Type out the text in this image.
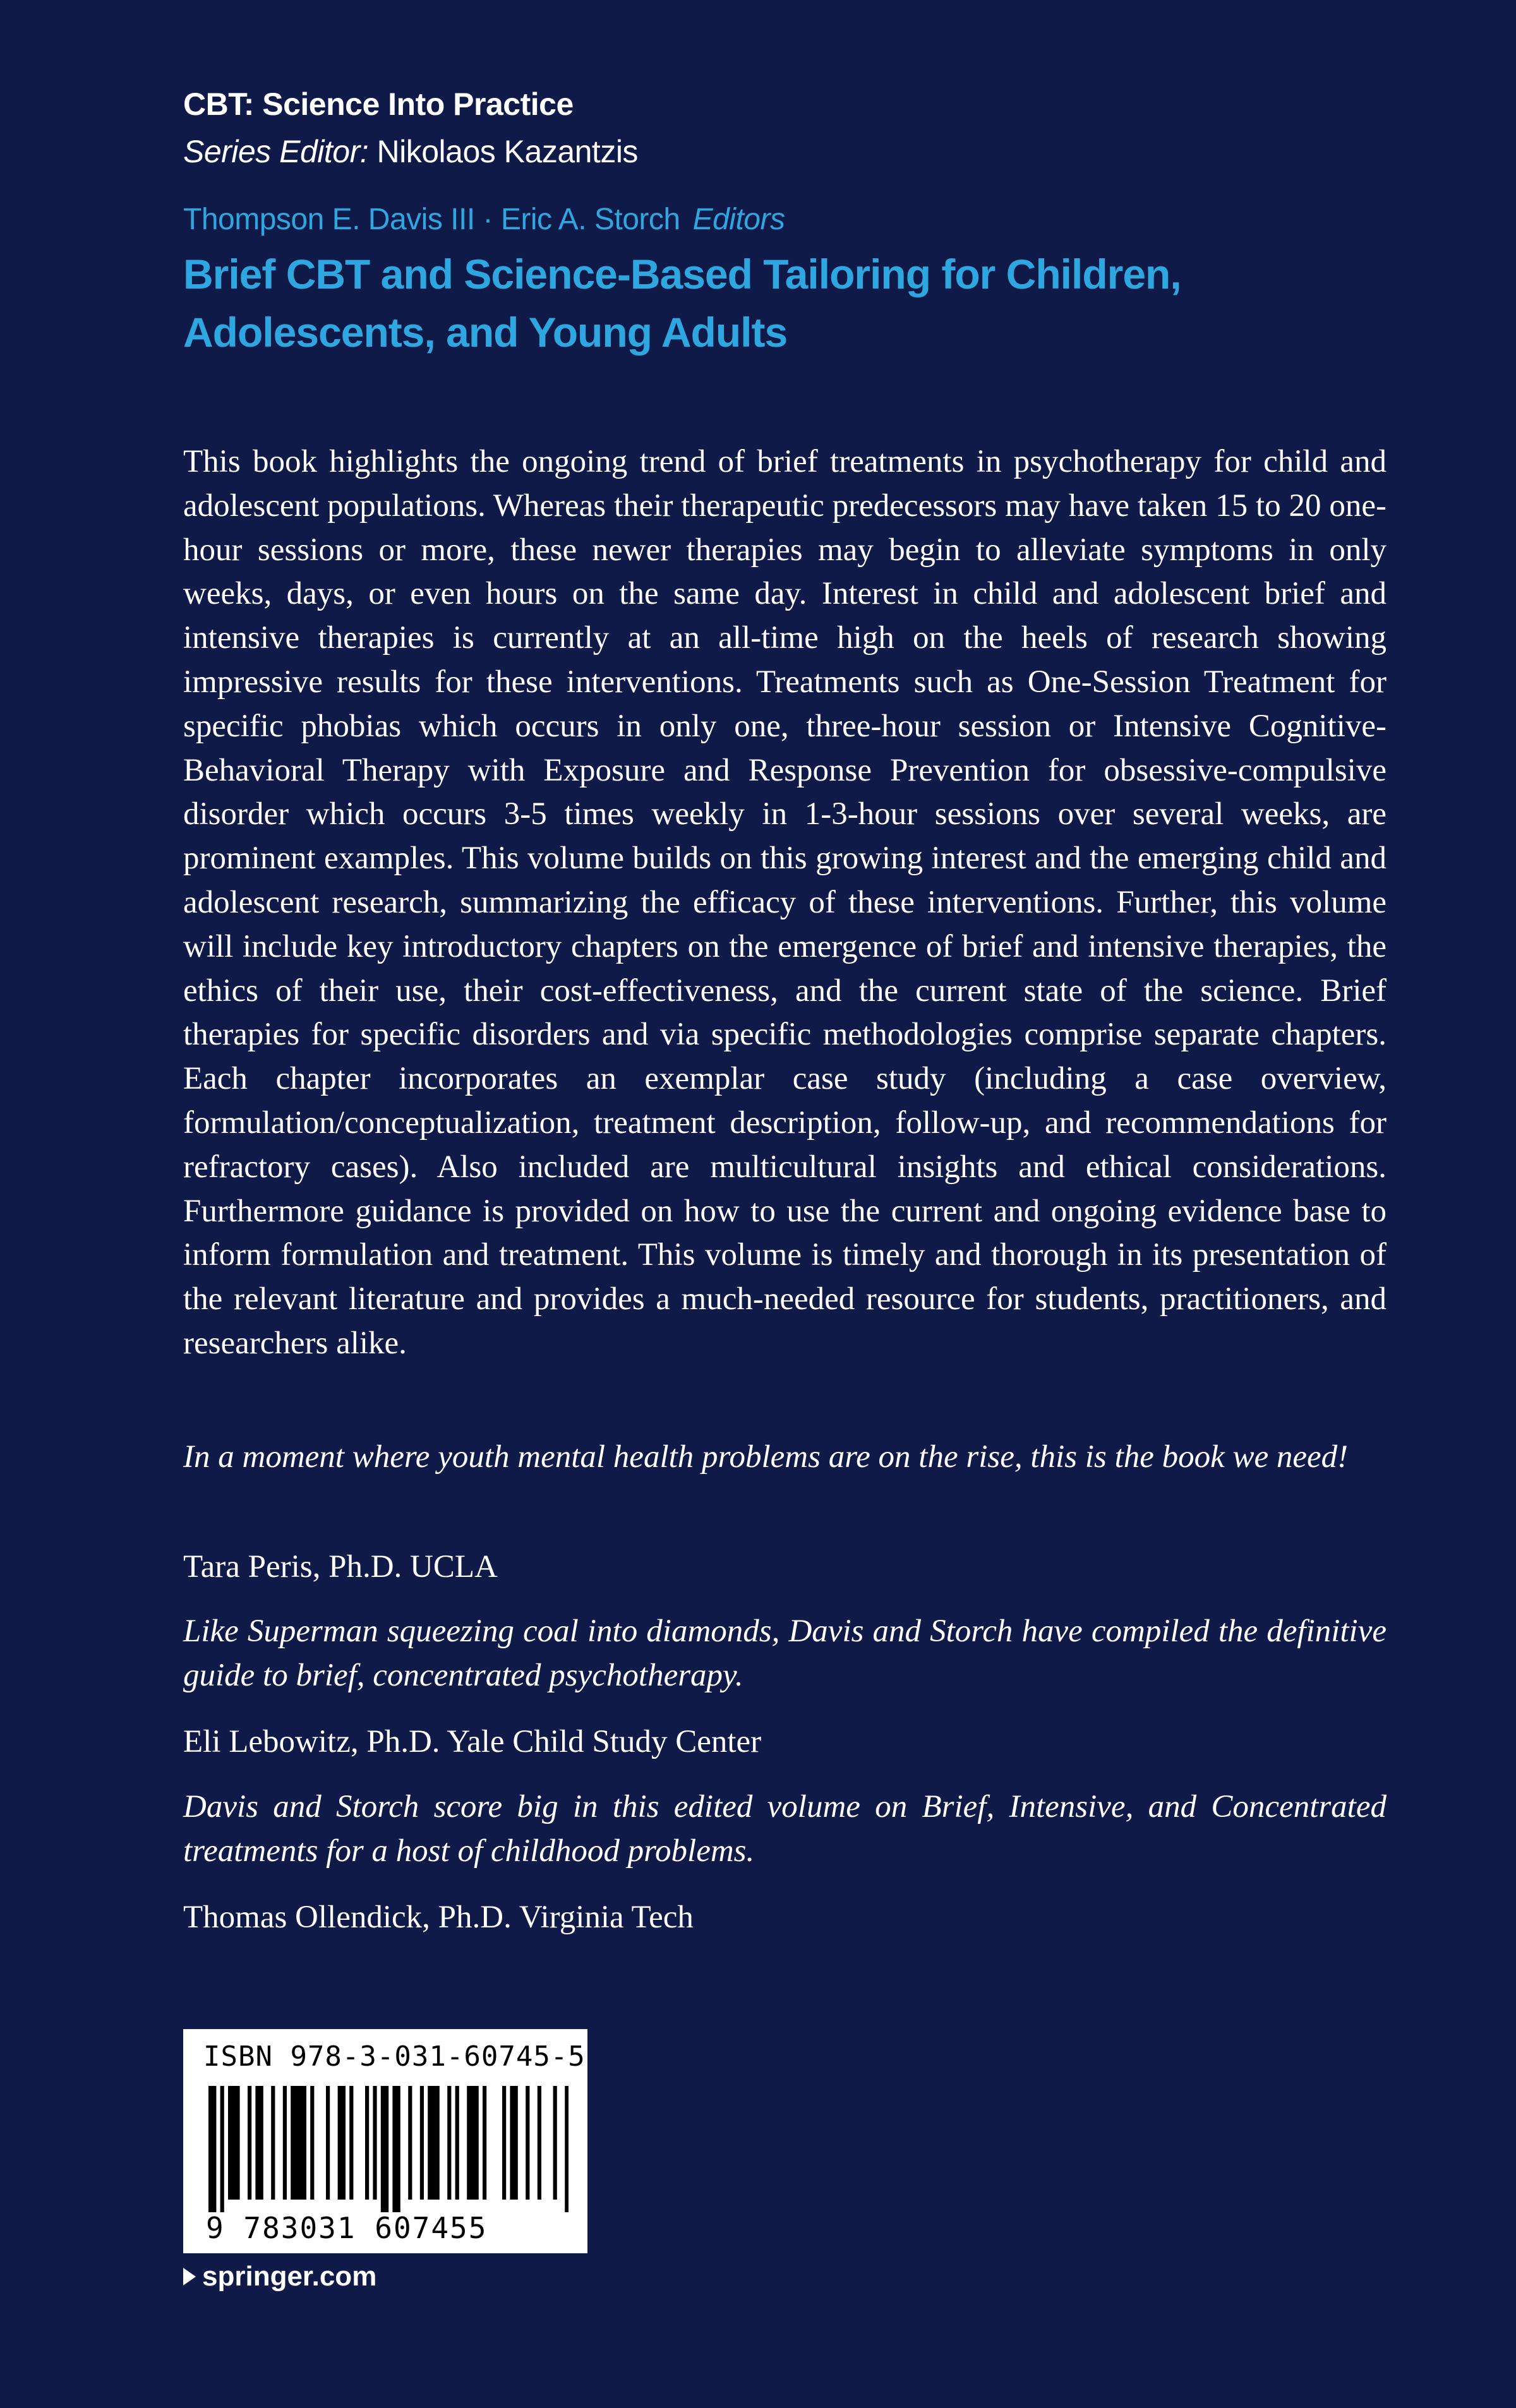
CBT: Science Into Practice
Series Editor: Nikolaos Kazantzis
Thompson E. Davis III · Eric A. Storch Editors
Brief CBT and Science-Based Tailoring for Children, Adolescents, and Young Adults

This book highlights the ongoing trend of brief treatments in psychotherapy for child and adolescent populations. Whereas their therapeutic predecessors may have taken 15 to 20 one-hour sessions or more, these newer therapies may begin to alleviate symptoms in only weeks, days, or even hours on the same day. Interest in child and adolescent brief and intensive therapies is currently at an all-time high on the heels of research showing impressive results for these interventions. Treatments such as One-Session Treatment for specific phobias which occurs in only one, three-hour session or Intensive Cognitive-Behavioral Therapy with Exposure and Response Prevention for obsessive-compulsive disorder which occurs 3-5 times weekly in 1-3-hour sessions over several weeks, are prominent examples. This volume builds on this growing interest and the emerging child and adolescent research, summarizing the efficacy of these interventions. Further, this volume will include key introductory chapters on the emergence of brief and intensive therapies, the ethics of their use, their cost-effectiveness, and the current state of the science. Brief therapies for specific disorders and via specific methodologies comprise separate chapters. Each chapter incorporates an exemplar case study (including a case overview, formulation/conceptualization, treatment description, follow-up, and recommendations for refractory cases). Also included are multicultural insights and ethical considerations. Furthermore guidance is provided on how to use the current and ongoing evidence base to inform formulation and treatment. This volume is timely and thorough in its presentation of the relevant literature and provides a much-needed resource for students, practitioners, and researchers alike.

In a moment where youth mental health problems are on the rise, this is the book we need!

Tara Peris, Ph.D. UCLA

Like Superman squeezing coal into diamonds, Davis and Storch have compiled the definitive guide to brief, concentrated psychotherapy.

Eli Lebowitz, Ph.D. Yale Child Study Center

Davis and Storch score big in this edited volume on Brief, Intensive, and Concentrated treatments for a host of childhood problems.

Thomas Ollendick, Ph.D. Virginia Tech

ISBN 978-3-031-60745-5
9 783031 607455
springer.com
